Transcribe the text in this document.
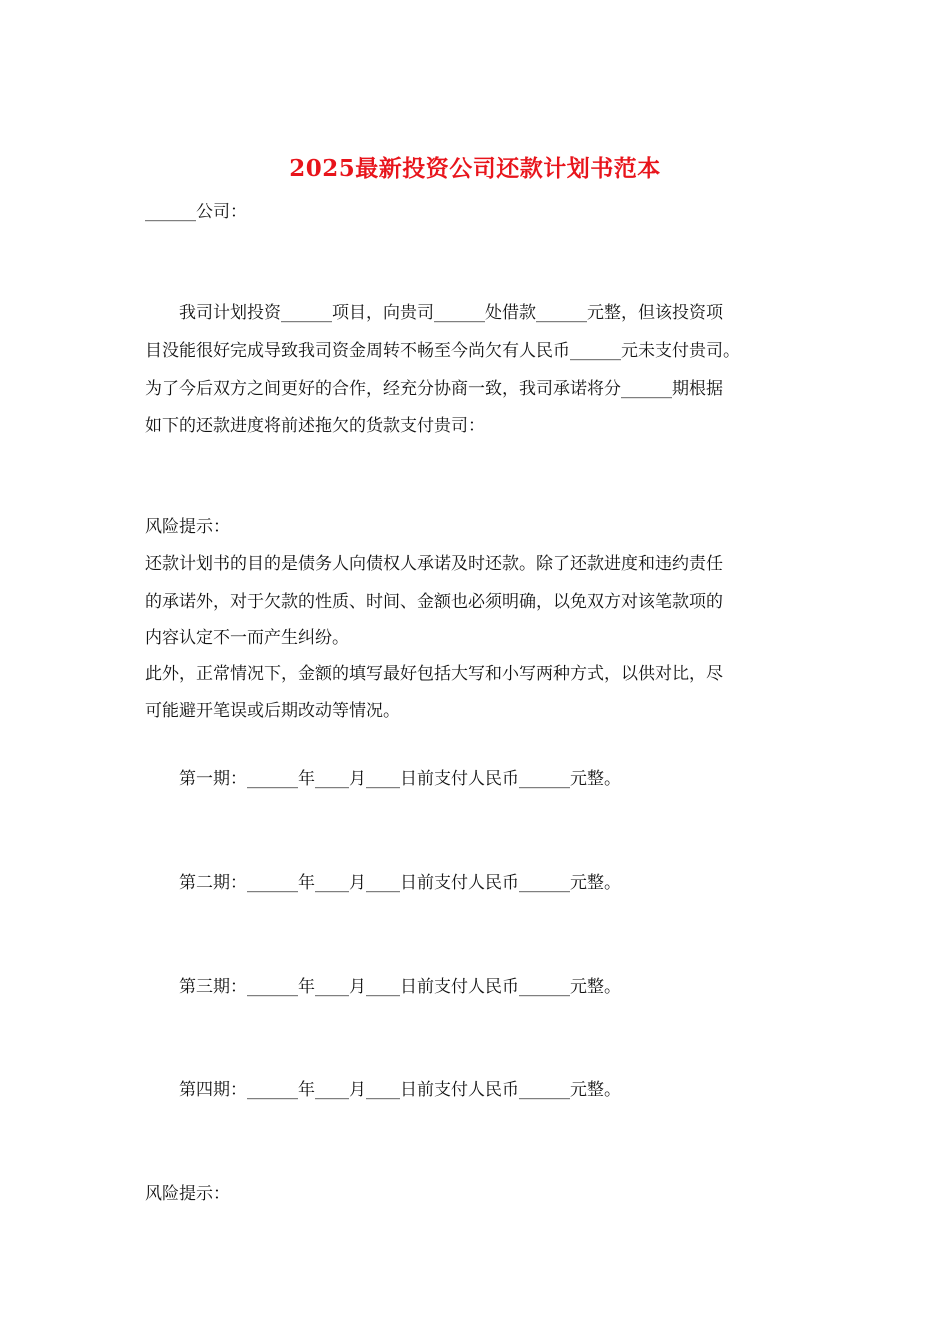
2025最新投资公司还款计划书范本
______公司：
　　我司计划投资______项目，向贵司______处借款______元整，但该投资项
目没能很好完成导致我司资金周转不畅至今尚欠有人民币______元未支付贵司。
为了今后双方之间更好的合作，经充分协商一致，我司承诺将分______期根据
如下的还款进度将前述拖欠的货款支付贵司：
风险提示：
还款计划书的目的是债务人向债权人承诺及时还款。除了还款进度和违约责任
的承诺外，对于欠款的性质、时间、金额也必须明确，以免双方对该笔款项的
内容认定不一而产生纠纷。
此外，正常情况下，金额的填写最好包括大写和小写两种方式，以供对比，尽
可能避开笔误或后期改动等情况。
　　第一期：______年____月____日前支付人民币______元整。
　　第二期：______年____月____日前支付人民币______元整。
　　第三期：______年____月____日前支付人民币______元整。
　　第四期：______年____月____日前支付人民币______元整。
风险提示：
